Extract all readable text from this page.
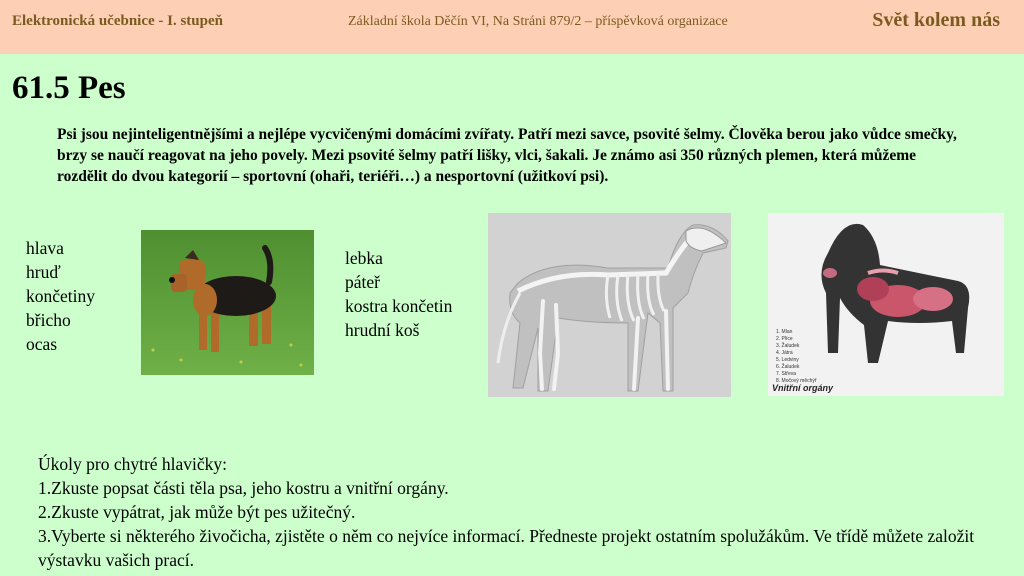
Elektronická učebnice - I. stupeň	Základní škola Děčín VI, Na Stráni 879/2 – příspěvková organizace	Svět kolem nás
61.5 Pes
Psi jsou nejinteligentnějšími a nejlépe vycvičenými domácími zvířaty. Patří mezi savce, psovité šelmy. Člověka berou jako vůdce smečky, brzy se naučí reagovat na jeho povely. Mezi psovité šelmy patří lišky, vlci, šakali. Je známo asi 350 různých plemen, která můžeme rozdělit do dvou kategorií – sportovní (ohaři, teriéři…) a nesportovní (užitkoví psi).
hlava
hruď
končetiny
břicho
ocas
lebka
páteř
kostra končetin
hrudní koš	1. Mlan
2. Plíce
3. Žaludek
4. Játra
5. Ledviny
6. Žaludek
7. Střeva
8. Močový měchýř
Vnitřní orgány
Úkoly pro chytré hlavičky:
1.Zkuste popsat části těla psa, jeho kostru a vnitřní orgány.
2.Zkuste vypátrat, jak může být pes užitečný.
3.Vyberte si některého živočicha, zjistěte o něm co nejvíce informací. Předneste projekt ostatním spolužákům. Ve třídě můžete založit výstavku vašich prací.
